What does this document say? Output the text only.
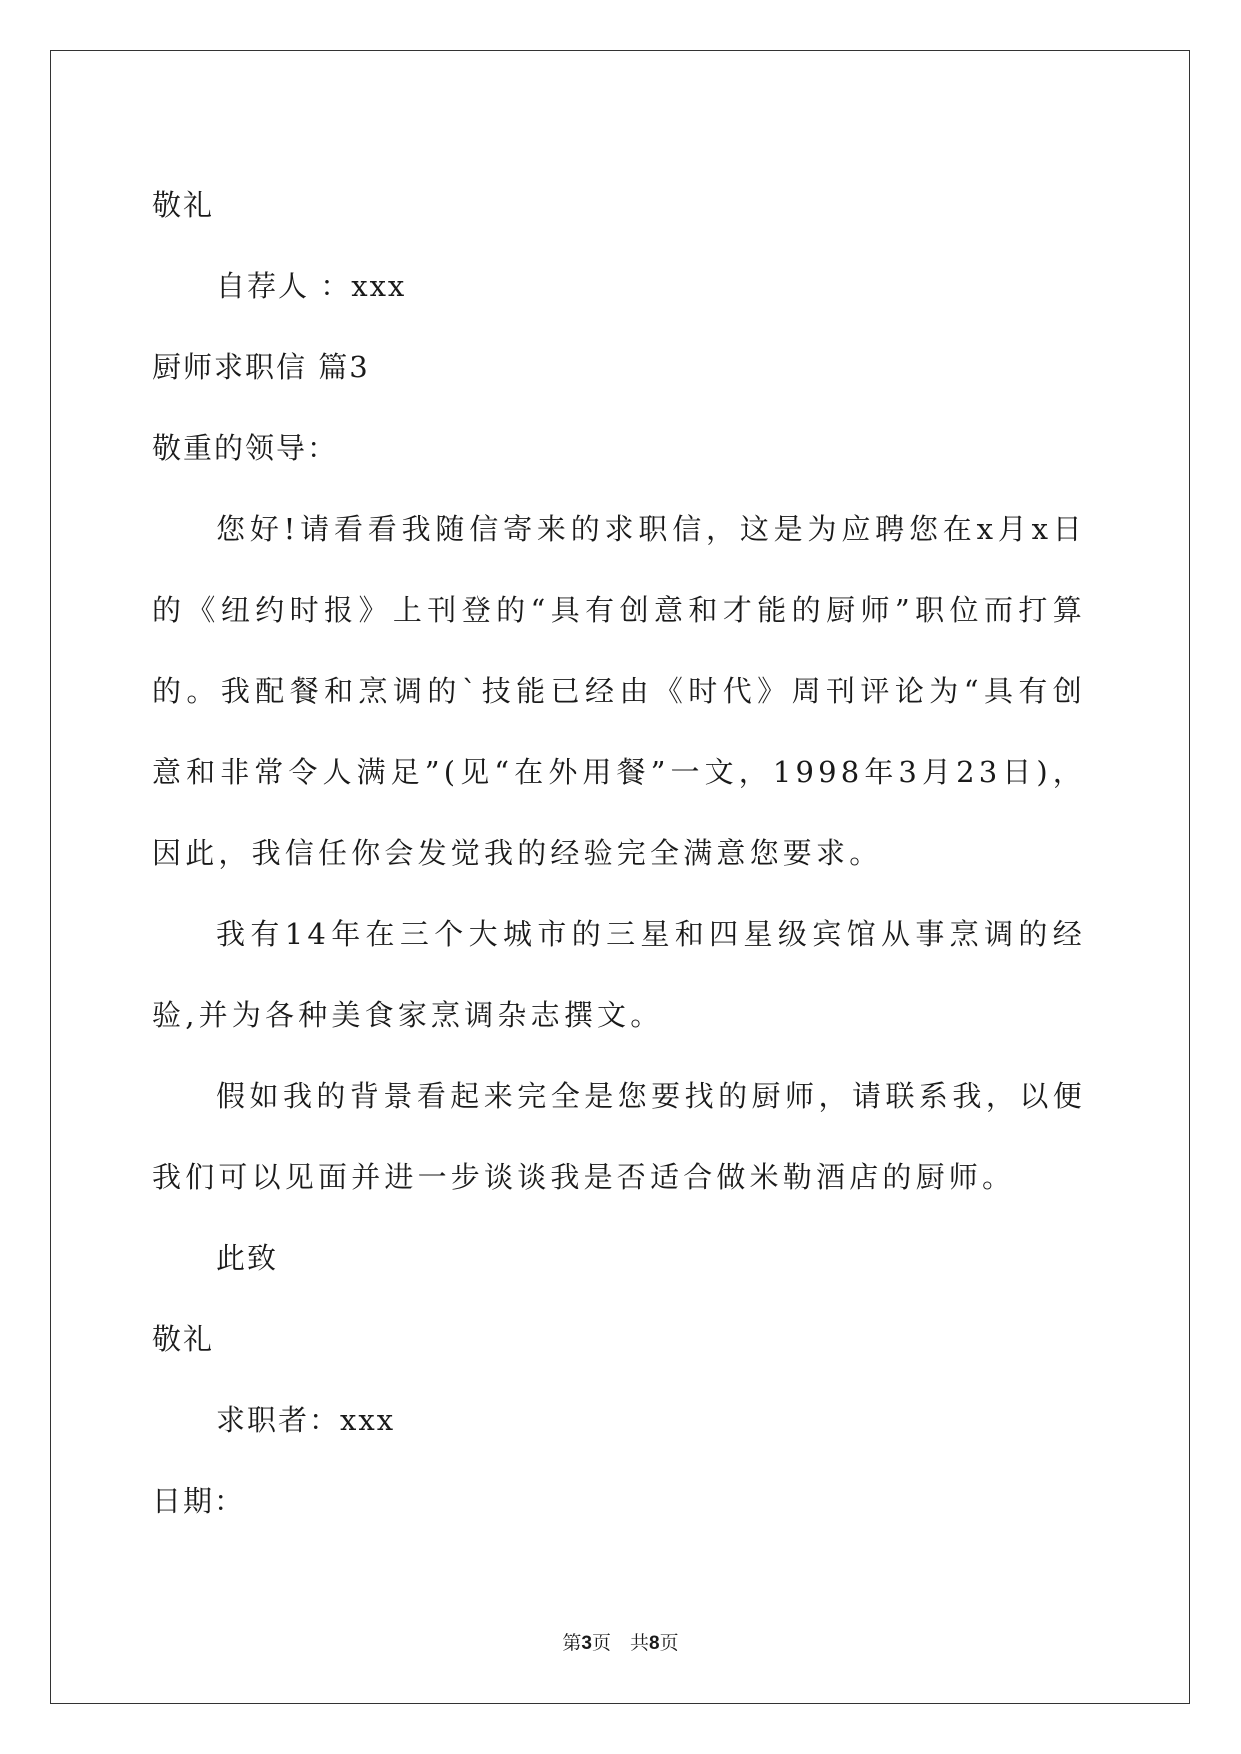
敬礼
自荐人 ：xxx
厨师求职信 篇3
敬重的领导：
您好!请看看我随信寄来的求职信，这是为应聘您在x月x日的《纽约时报》上刊登的“具有创意和才能的厨师”职位而打算的。我配餐和烹调的`技能已经由《时代》周刊评论为“具有创意和非常令人满足”(见“在外用餐”一文，1998年3月23日)，因此，我信任你会发觉我的经验完全满意您要求。
我有14年在三个大城市的三星和四星级宾馆从事烹调的经验,并为各种美食家烹调杂志撰文。
假如我的背景看起来完全是您要找的厨师，请联系我，以便我们可以见面并进一步谈谈我是否适合做米勒酒店的厨师。
此致
敬礼
求职者：xxx
日期：
第3页　共8页
